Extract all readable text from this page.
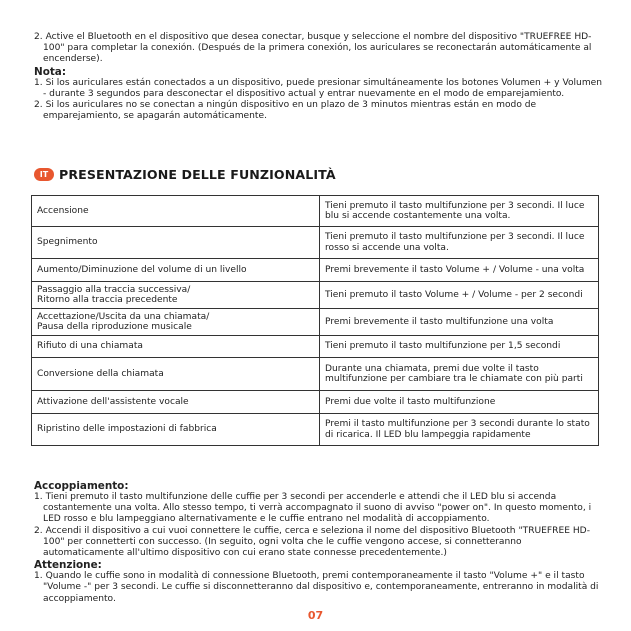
2. Active el Bluetooth en el dispositivo que desea conectar, busque y seleccione el nombre del dispositivo "TRUEFREE HD-100" para completar la conexión. (Después de la primera conexión, los auriculares se reconectarán automáticamente al encenderse).

Nota:

1. Si los auriculares están conectados a un dispositivo, puede presionar simultáneamente los botones Volumen + y Volumen - durante 3 segundos para desconectar el dispositivo actual y entrar nuevamente en el modo de emparejamiento.

2. Si los auriculares no se conectan a ningún dispositivo en un plazo de 3 minutos mientras están en modo de emparejamiento, se apagarán automáticamente.

IT PRESENTAZIONE DELLE FUNZIONALITÀ
Accensione	Tieni premuto il tasto multifunzione per 3 secondi. Il luce blu si accende costantemente una volta.
Spegnimento	Tieni premuto il tasto multifunzione per 3 secondi. Il luce rosso si accende una volta.
Aumento/Diminuzione del volume di un livello	Premi brevemente il tasto Volume + / Volume - una volta
Passaggio alla traccia successiva/
Ritorno alla traccia precedente	Tieni premuto il tasto Volume + / Volume - per 2 secondi
Accettazione/Uscita da una chiamata/
Pausa della riproduzione musicale	Premi brevemente il tasto multifunzione una volta
Rifiuto di una chiamata	Tieni premuto il tasto multifunzione per 1,5 secondi
Conversione della chiamata	Durante una chiamata, premi due volte il tasto multifunzione per cambiare tra le chiamate con più parti
Attivazione dell'assistente vocale	Premi due volte il tasto multifunzione
Ripristino delle impostazioni di fabbrica	Premi il tasto multifunzione per 3 secondi durante lo stato di ricarica. Il LED blu lampeggia rapidamente
Accoppiamento:

1. Tieni premuto il tasto multifunzione delle cuffie per 3 secondi per accenderle e attendi che il LED blu si accenda costantemente una volta. Allo stesso tempo, ti verrà accompagnato il suono di avviso "power on". In questo momento, i LED rosso e blu lampeggiano alternativamente e le cuffie entrano nel modalità di accoppiamento.

2. Accendi il dispositivo a cui vuoi connettere le cuffie, cerca e seleziona il nome del dispositivo Bluetooth "TRUEFREE HD-100" per connetterti con successo. (In seguito, ogni volta che le cuffie vengono accese, si connetteranno automaticamente all'ultimo dispositivo con cui erano state connesse precedentemente.)

Attenzione:

1. Quando le cuffie sono in modalità di connessione Bluetooth, premi contemporaneamente il tasto "Volume +" e il tasto "Volume -" per 3 secondi. Le cuffie si disconnetteranno dal dispositivo e, contemporaneamente, entreranno in modalità di accoppiamento.

07
